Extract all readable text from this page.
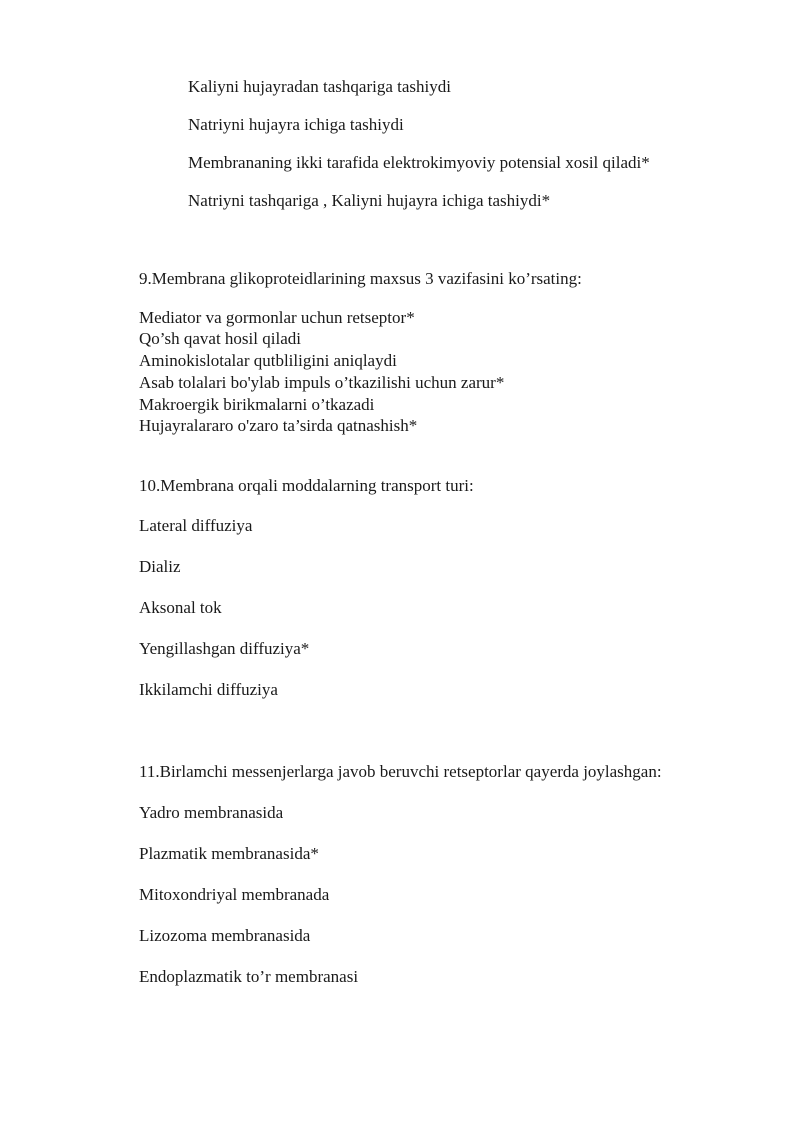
Kaliyni hujayradan tashqariga tashiydi
Natriyni hujayra ichiga tashiydi
Membrananing ikki tarafida elektrokimyoviy potensial xosil qiladi*
Natriyni tashqariga , Kaliyni hujayra ichiga tashiydi*
9.Membrana glikoproteidlarining maxsus 3 vazifasini ko’rsating:
Mediator va gormonlar uchun retseptor*
Qo’sh qavat hosil qiladi
Aminokislotalar qutbliligini aniqlaydi
Asab tolalari bo'ylab impuls o’tkazilishi uchun zarur*
Makroergik birikmalarni o’tkazadi
Hujayralararo o'zaro ta’sirda qatnashish*
10.Membrana orqali moddalarning transport turi:
Lateral diffuziya
Dializ
Aksonal tok
Yengillashgan diffuziya*
Ikkilamchi diffuziya
11.Birlamchi messenjerlarga javob beruvchi retseptorlar qayerda joylashgan:
Yadro membranasida
Plazmatik membranasida*
Mitoxondriyal membranada
Lizozoma membranasida
Endoplazmatik to’r membranasi
